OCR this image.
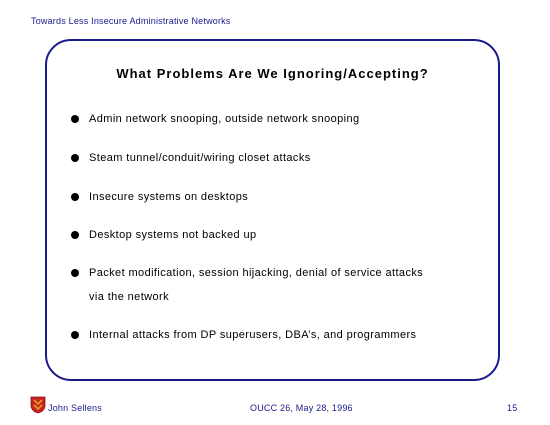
Towards Less Insecure Administrative Networks
What Problems Are We Ignoring/Accepting?
Admin network snooping, outside network snooping
Steam tunnel/conduit/wiring closet attacks
Insecure systems on desktops
Desktop systems not backed up
Packet modification, session hijacking, denial of service attacks
via the network
Internal attacks from DP superusers, DBA’s, and programmers
John Sellens	OUCC 26, May 28, 1996	15
